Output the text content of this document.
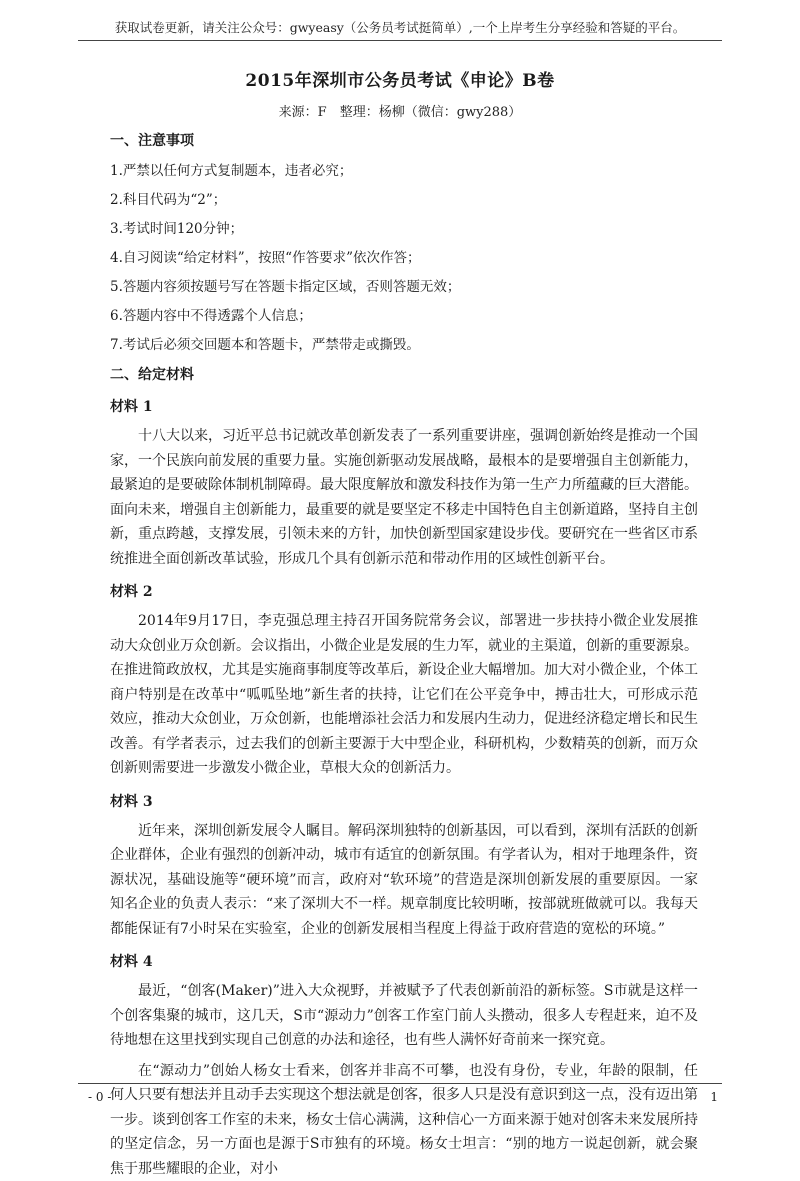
获取试卷更新，请关注公众号：gwyeasy（公务员考试挺简单）,一个上岸考生分享经验和答疑的平台。
2015年深圳市公务员考试《申论》B卷
来源：F　整理：杨柳（微信：gwy288）
一、注意事项
1.严禁以任何方式复制题本，违者必究；
2.科目代码为“2”；
3.考试时间120分钟；
4.自习阅读“给定材料”，按照“作答要求”依次作答；
5.答题内容须按题号写在答题卡指定区域，否则答题无效；
6.答题内容中不得透露个人信息；
7.考试后必须交回题本和答题卡，严禁带走或撕毁。
二、给定材料
材料 1
十八大以来，习近平总书记就改革创新发表了一系列重要讲座，强调创新始终是推动一个国家，一个民族向前发展的重要力量。实施创新驱动发展战略，最根本的是要增强自主创新能力，最紧迫的是要破除体制机制障碍。最大限度解放和激发科技作为第一生产力所蕴藏的巨大潜能。面向未来，增强自主创新能力，最重要的就是要坚定不移走中国特色自主创新道路，坚持自主创新，重点跨越，支撑发展，引领未来的方针，加快创新型国家建设步伐。要研究在一些省区市系统推进全面创新改革试验，形成几个具有创新示范和带动作用的区域性创新平台。
材料 2
2014年9月17日，李克强总理主持召开国务院常务会议，部署进一步扶持小微企业发展推动大众创业万众创新。会议指出，小微企业是发展的生力军，就业的主渠道，创新的重要源泉。在推进简政放权，尤其是实施商事制度等改革后，新设企业大幅增加。加大对小微企业，个体工商户特别是在改革中“呱呱坠地”新生者的扶持，让它们在公平竞争中，搏击壮大，可形成示范效应，推动大众创业，万众创新，也能增添社会活力和发展内生动力，促进经济稳定增长和民生改善。有学者表示，过去我们的创新主要源于大中型企业，科研机构，少数精英的创新，而万众创新则需要进一步激发小微企业，草根大众的创新活力。
材料 3
近年来，深圳创新发展令人瞩目。解码深圳独特的创新基因，可以看到，深圳有活跃的创新企业群体，企业有强烈的创新冲动，城市有适宜的创新氛围。有学者认为，相对于地理条件，资源状况，基础设施等“硬环境”而言，政府对“软环境”的营造是深圳创新发展的重要原因。一家知名企业的负责人表示：“来了深圳大不一样。规章制度比较明晰，按部就班做就可以。我每天都能保证有7小时呆在实验室，企业的创新发展相当程度上得益于政府营造的宽松的环境。”
材料 4
最近，“创客(Maker)”进入大众视野，并被赋予了代表创新前沿的新标签。S市就是这样一个创客集聚的城市，这几天，S市“源动力”创客工作室门前人头攒动，很多人专程赶来，迫不及待地想在这里找到实现自己创意的办法和途径，也有些人满怀好奇前来一探究竟。
在“源动力”创始人杨女士看来，创客并非高不可攀，也没有身份，专业，年龄的限制，任何人只要有想法并且动手去实现这个想法就是创客，很多人只是没有意识到这一点，没有迈出第一步。谈到创客工作室的未来，杨女士信心满满，这种信心一方面来源于她对创客未来发展所持的坚定信念，另一方面也是源于S市独有的环境。杨女士坦言：“别的地方一说起创新，就会聚焦于那些耀眼的企业，对小
- 0 -	1
